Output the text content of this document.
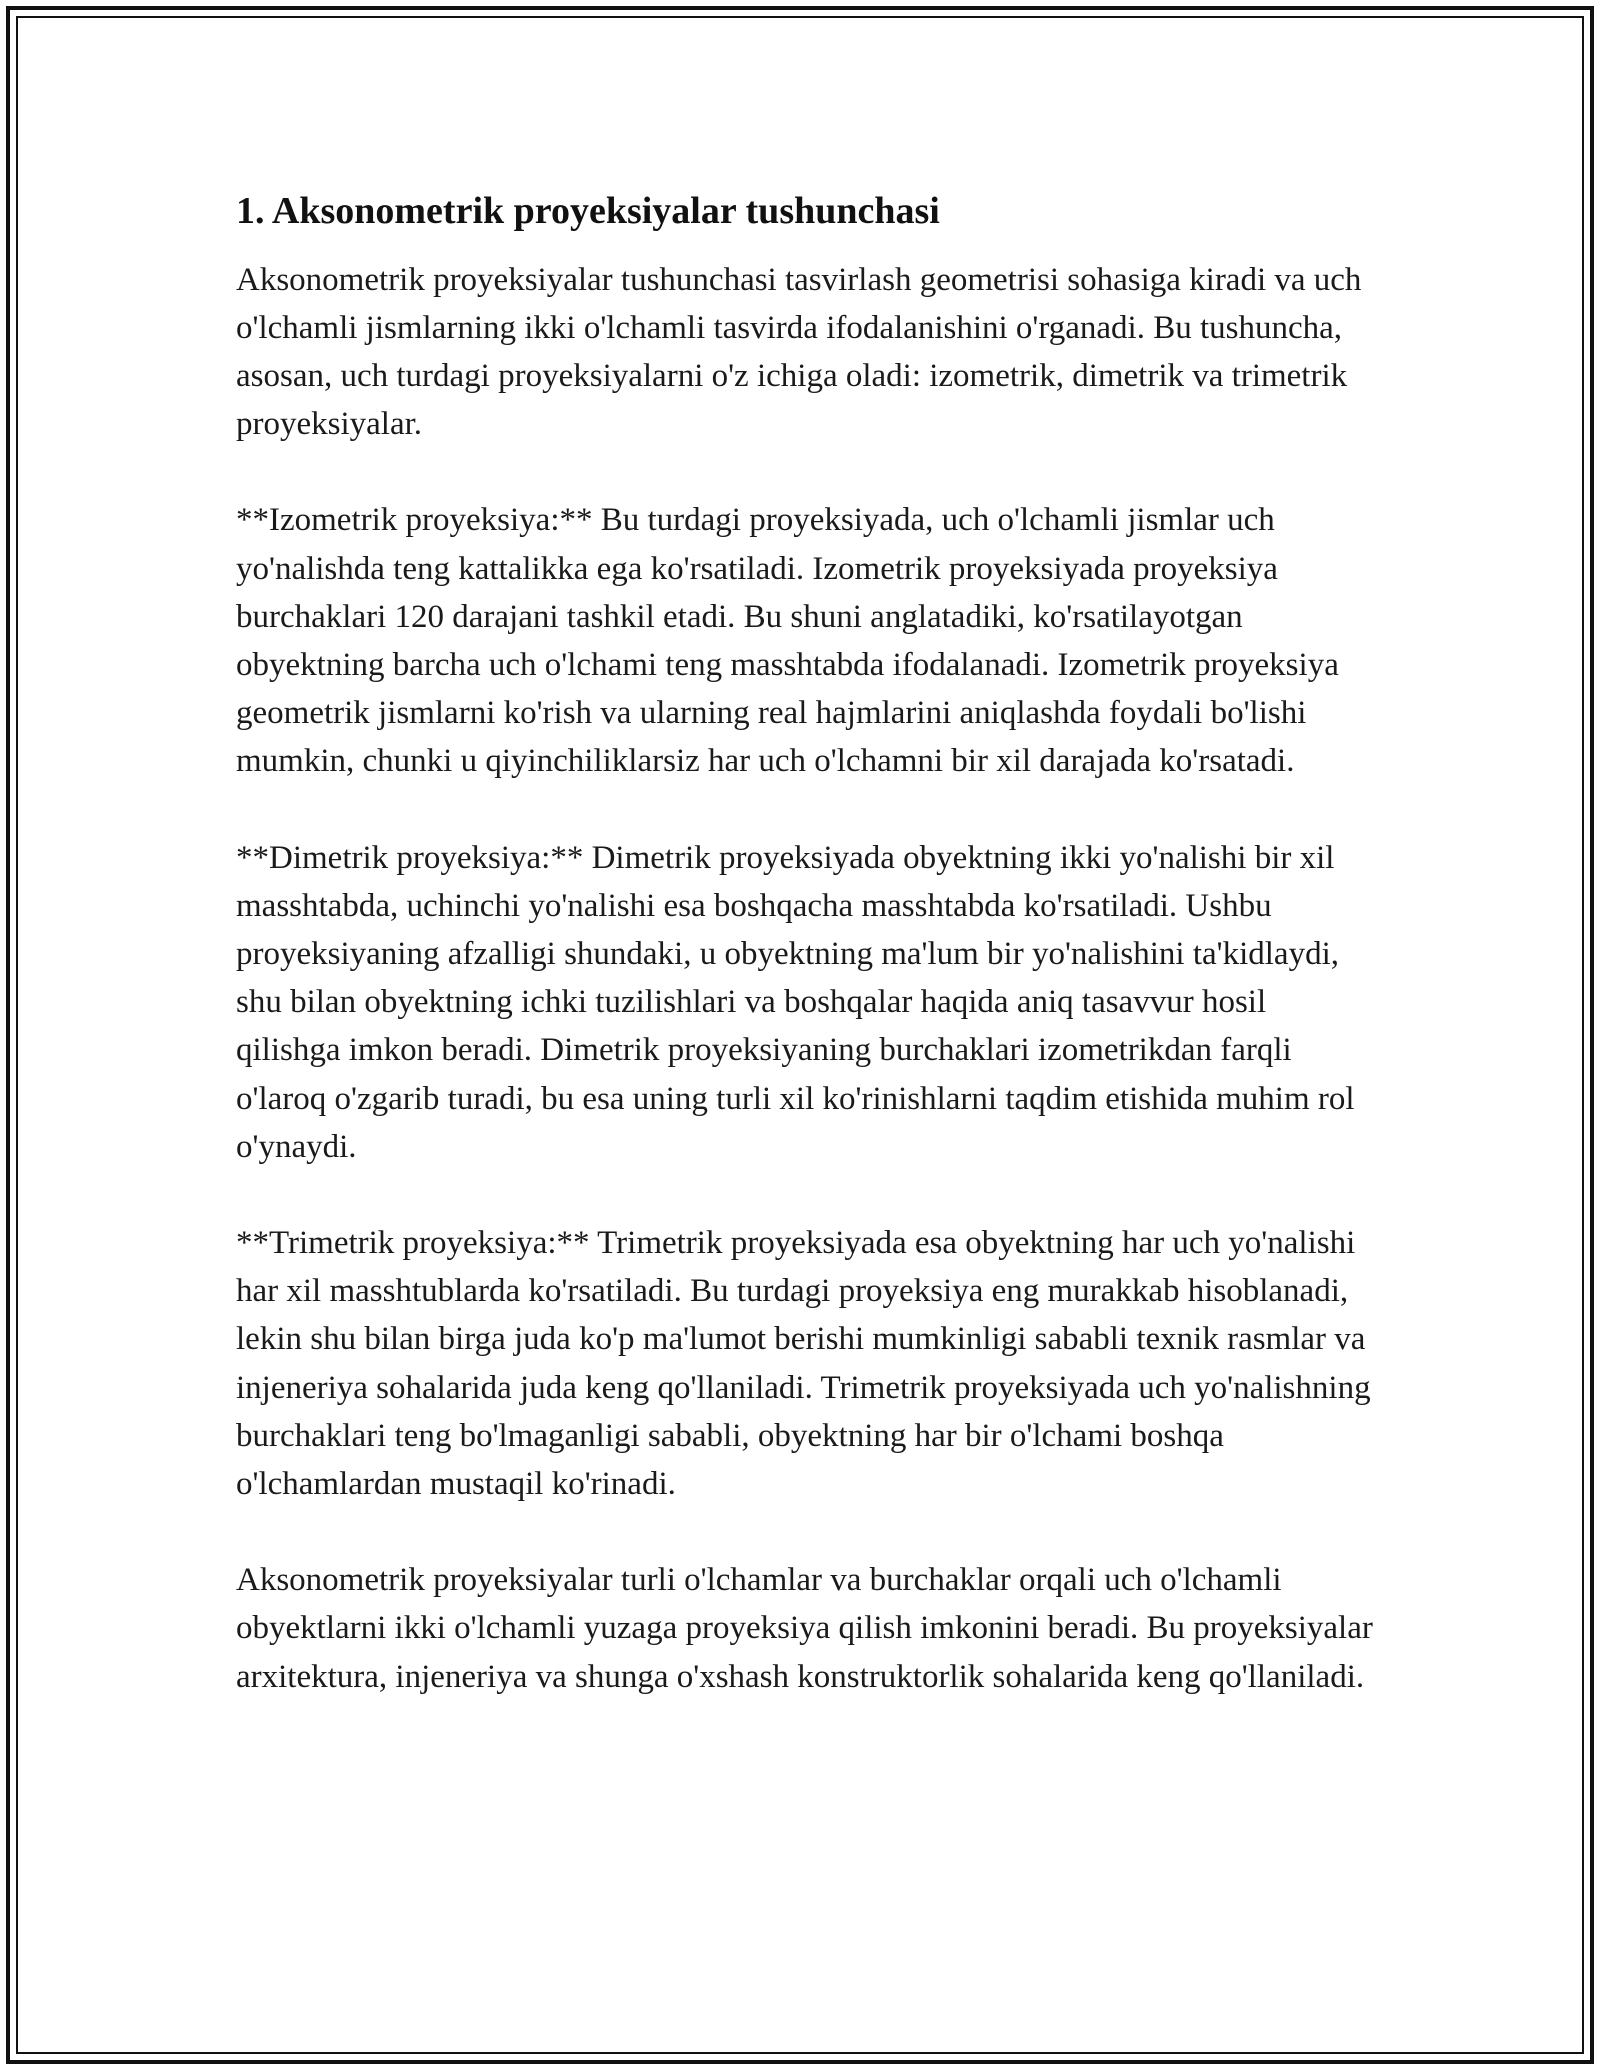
1. Aksonometrik proyeksiyalar tushunchasi

Aksonometrik proyeksiyalar tushunchasi tasvirlash geometrisi sohasiga kiradi va uch o'lchamli jismlarning ikki o'lchamli tasvirda ifodalanishini o'rganadi. Bu tushuncha, asosan, uch turdagi proyeksiyalarni o'z ichiga oladi: izometrik, dimetrik va trimetrik proyeksiyalar.

**Izometrik proyeksiya:** Bu turdagi proyeksiyada, uch o'lchamli jismlar uch yo'nalishda teng kattalikka ega ko'rsatiladi. Izometrik proyeksiyada proyeksiya burchaklari 120 darajani tashkil etadi. Bu shuni anglatadiki, ko'rsatilayotgan obyektning barcha uch o'lchami teng masshtabda ifodalanadi. Izometrik proyeksiya geometrik jismlarni ko'rish va ularning real hajmlarini aniqlashda foydali bo'lishi mumkin, chunki u qiyinchiliklarsiz har uch o'lchamni bir xil darajada ko'rsatadi.

**Dimetrik proyeksiya:** Dimetrik proyeksiyada obyektning ikki yo'nalishi bir xil masshtabda, uchinchi yo'nalishi esa boshqacha masshtabda ko'rsatiladi. Ushbu proyeksiyaning afzalligi shundaki, u obyektning ma'lum bir yo'nalishini ta'kidlaydi, shu bilan obyektning ichki tuzilishlari va boshqalar haqida aniq tasavvur hosil qilishga imkon beradi. Dimetrik proyeksiyaning burchaklari izometrikdan farqli o'laroq o'zgarib turadi, bu esa uning turli xil ko'rinishlarni taqdim etishida muhim rol o'ynaydi.

**Trimetrik proyeksiya:** Trimetrik proyeksiyada esa obyektning har uch yo'nalishi har xil masshtublarda ko'rsatiladi. Bu turdagi proyeksiya eng murakkab hisoblanadi, lekin shu bilan birga juda ko'p ma'lumot berishi mumkinligi sababli texnik rasmlar va injeneriya sohalarida juda keng qo'llaniladi. Trimetrik proyeksiyada uch yo'nalishning burchaklari teng bo'lmaganligi sababli, obyektning har bir o'lchami boshqa o'lchamlardan mustaqil ko'rinadi.

Aksonometrik proyeksiyalar turli o'lchamlar va burchaklar orqali uch o'lchamli obyektlarni ikki o'lchamli yuzaga proyeksiya qilish imkonini beradi. Bu proyeksiyalar arxitektura, injeneriya va shunga o'xshash konstruktorlik sohalarida keng qo'llaniladi.
